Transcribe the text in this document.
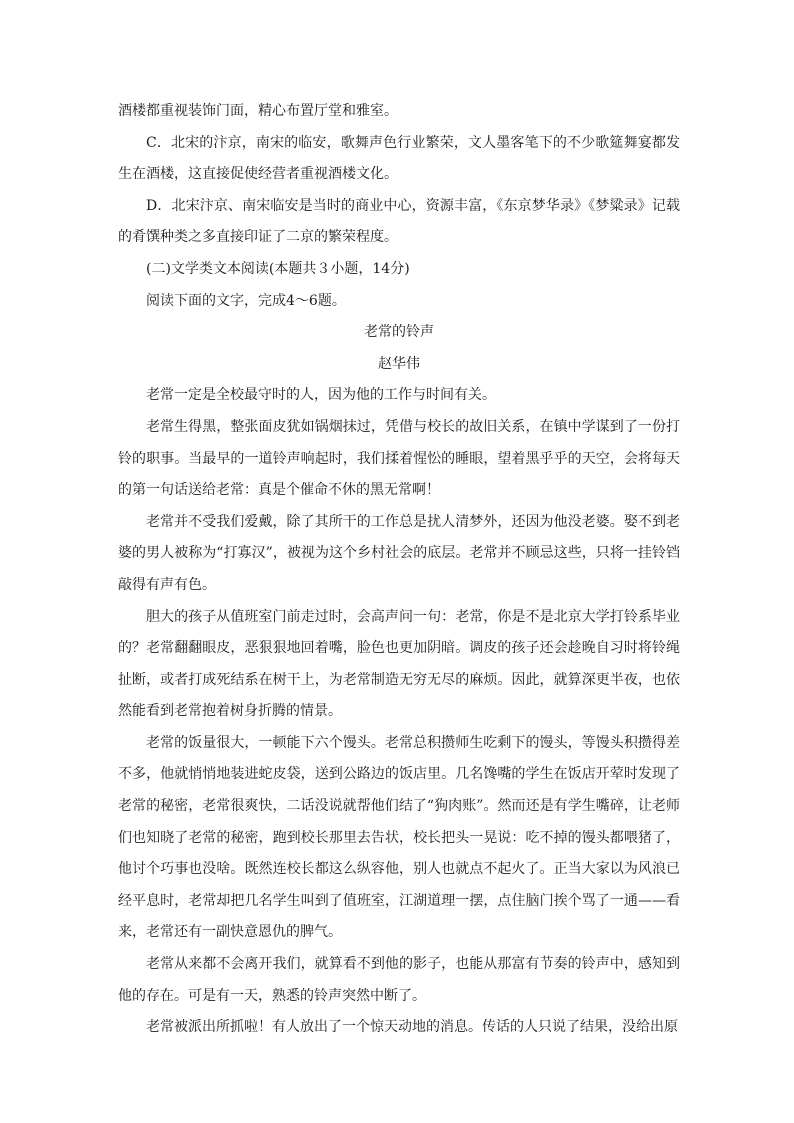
酒楼都重视装饰门面，精心布置厅堂和雅室。

C．北宋的汴京，南宋的临安，歌舞声色行业繁荣，文人墨客笔下的不少歌筵舞宴都发生在酒楼，这直接促使经营者重视酒楼文化。

D．北宋汴京、南宋临安是当时的商业中心，资源丰富，《东京梦华录》《梦粱录》记载的肴馔种类之多直接印证了二京的繁荣程度。

(二)文学类文本阅读(本题共３小题，14分)

阅读下面的文字，完成4～6题。

老常的铃声

赵华伟

老常一定是全校最守时的人，因为他的工作与时间有关。

老常生得黑，整张面皮犹如锅烟抹过，凭借与校长的故旧关系，在镇中学谋到了一份打铃的职事。当最早的一道铃声响起时，我们揉着惺忪的睡眼，望着黑乎乎的天空，会将每天的第一句话送给老常：真是个催命不休的黑无常啊！

老常并不受我们爱戴，除了其所干的工作总是扰人清梦外，还因为他没老婆。娶不到老婆的男人被称为“打寡汉”，被视为这个乡村社会的底层。老常并不顾忌这些，只将一挂铃铛敲得有声有色。

胆大的孩子从值班室门前走过时，会高声问一句：老常，你是不是北京大学打铃系毕业的？老常翻翻眼皮，恶狠狠地回着嘴，脸色也更加阴暗。调皮的孩子还会趁晚自习时将铃绳扯断，或者打成死结系在树干上，为老常制造无穷无尽的麻烦。因此，就算深更半夜，也依然能看到老常抱着树身折腾的情景。

老常的饭量很大，一顿能下六个馒头。老常总积攒师生吃剩下的馒头，等馒头积攒得差不多，他就悄悄地装进蛇皮袋，送到公路边的饭店里。几名馋嘴的学生在饭店开荤时发现了老常的秘密，老常很爽快，二话没说就帮他们结了“狗肉账”。然而还是有学生嘴碎，让老师们也知晓了老常的秘密，跑到校长那里去告状，校长把头一晃说：吃不掉的馒头都喂猪了，他讨个巧事也没啥。既然连校长都这么纵容他，别人也就点不起火了。正当大家以为风浪已经平息时，老常却把几名学生叫到了值班室，江湖道理一摆，点住脑门挨个骂了一通——看来，老常还有一副快意恩仇的脾气。

老常从来都不会离开我们，就算看不到他的影子，也能从那富有节奏的铃声中，感知到他的存在。可是有一天，熟悉的铃声突然中断了。

老常被派出所抓啦！有人放出了一个惊天动地的消息。传话的人只说了结果，没给出原
